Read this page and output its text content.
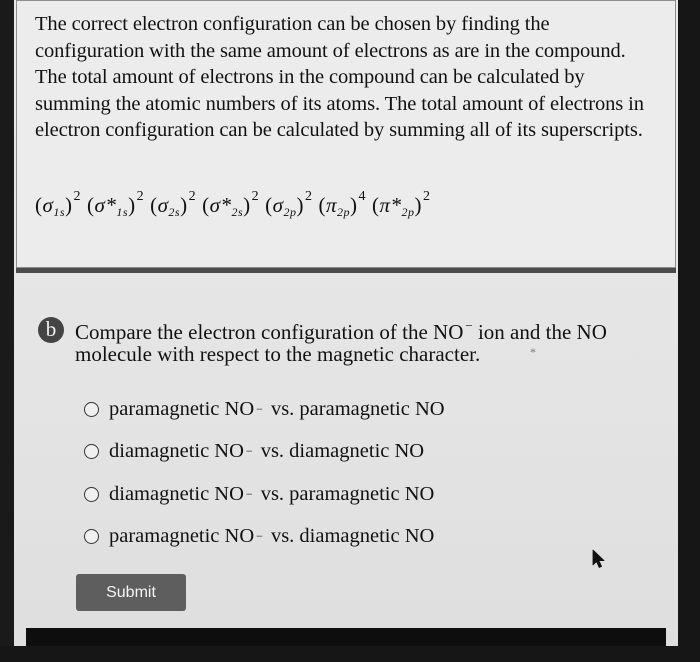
The correct electron configuration can be chosen by finding the configuration with the same amount of electrons as are in the compound. The total amount of electrons in the compound can be calculated by summing the atomic numbers of its atoms. The total amount of electrons in electron configuration can be calculated by summing all of its superscripts.

$(\sigma_{1s})^2$ $(\sigma*_{1s})^2$ $(\sigma_{2s})^2$ $(\sigma*_{2s})^2$ $(\sigma_{2p})^2$ $(\pi_{2p})^4$ $(\pi*_{2p})^2$
b Compare the electron configuration of the NO − ion and the NO
molecule with respect to the magnetic character.	*
paramagnetic NO − vs. paramagnetic NO
diamagnetic NO − vs. diamagnetic NO
diamagnetic NO − vs. paramagnetic NO
paramagnetic NO − vs. diamagnetic NO
Submit
